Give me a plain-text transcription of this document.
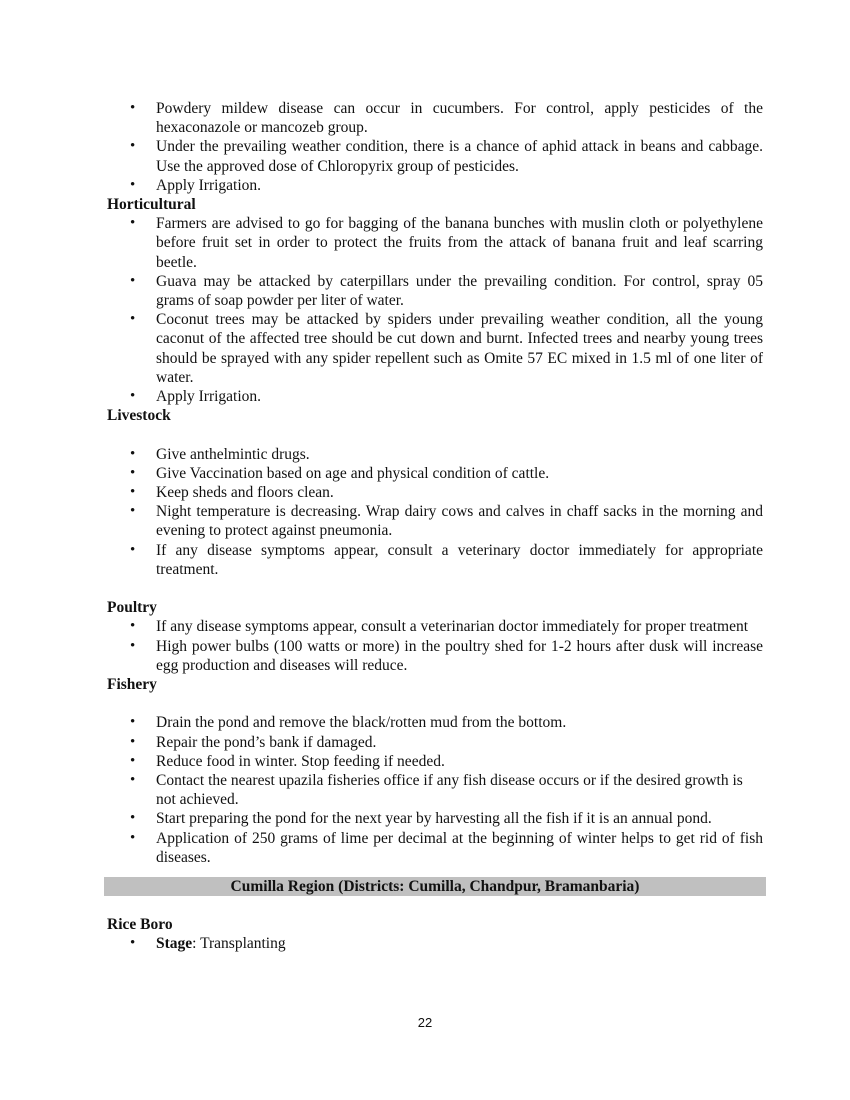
• Powdery mildew disease can occur in cucumbers. For control, apply pesticides of the hexaconazole or mancozeb group.
• Under the prevailing weather condition, there is a chance of aphid attack in beans and cabbage. Use the approved dose of Chloropyrix group of pesticides.
• Apply Irrigation.

Horticultural

• Farmers are advised to go for bagging of the banana bunches with muslin cloth or polyethylene before fruit set in order to protect the fruits from the attack of banana fruit and leaf scarring beetle.
• Guava may be attacked by caterpillars under the prevailing condition. For control, spray 05 grams of soap powder per liter of water.
• Coconut trees may be attacked by spiders under prevailing weather condition, all the young caconut of the affected tree should be cut down and burnt. Infected trees and nearby young trees should be sprayed with any spider repellent such as Omite 57 EC mixed in 1.5 ml of one liter of water.
• Apply Irrigation.

Livestock

• Give anthelmintic drugs.
• Give Vaccination based on age and physical condition of cattle.
• Keep sheds and floors clean.
• Night temperature is decreasing. Wrap dairy cows and calves in chaff sacks in the morning and evening to protect against pneumonia.
• If any disease symptoms appear, consult a veterinary doctor immediately for appropriate treatment.

Poultry

• If any disease symptoms appear, consult a veterinarian doctor immediately for proper treatment
• High power bulbs (100 watts or more) in the poultry shed for 1-2 hours after dusk will increase egg production and diseases will reduce.

Fishery

• Drain the pond and remove the black/rotten mud from the bottom.
• Repair the pond’s bank if damaged.
• Reduce food in winter. Stop feeding if needed.
• Contact the nearest upazila fisheries office if any fish disease occurs or if the desired growth is not achieved.
• Start preparing the pond for the next year by harvesting all the fish if it is an annual pond.
• Application of 250 grams of lime per decimal at the beginning of winter helps to get rid of fish diseases.
Cumilla Region (Districts: Cumilla, Chandpur, Bramanbaria)

Rice Boro

• Stage: Transplanting
22
